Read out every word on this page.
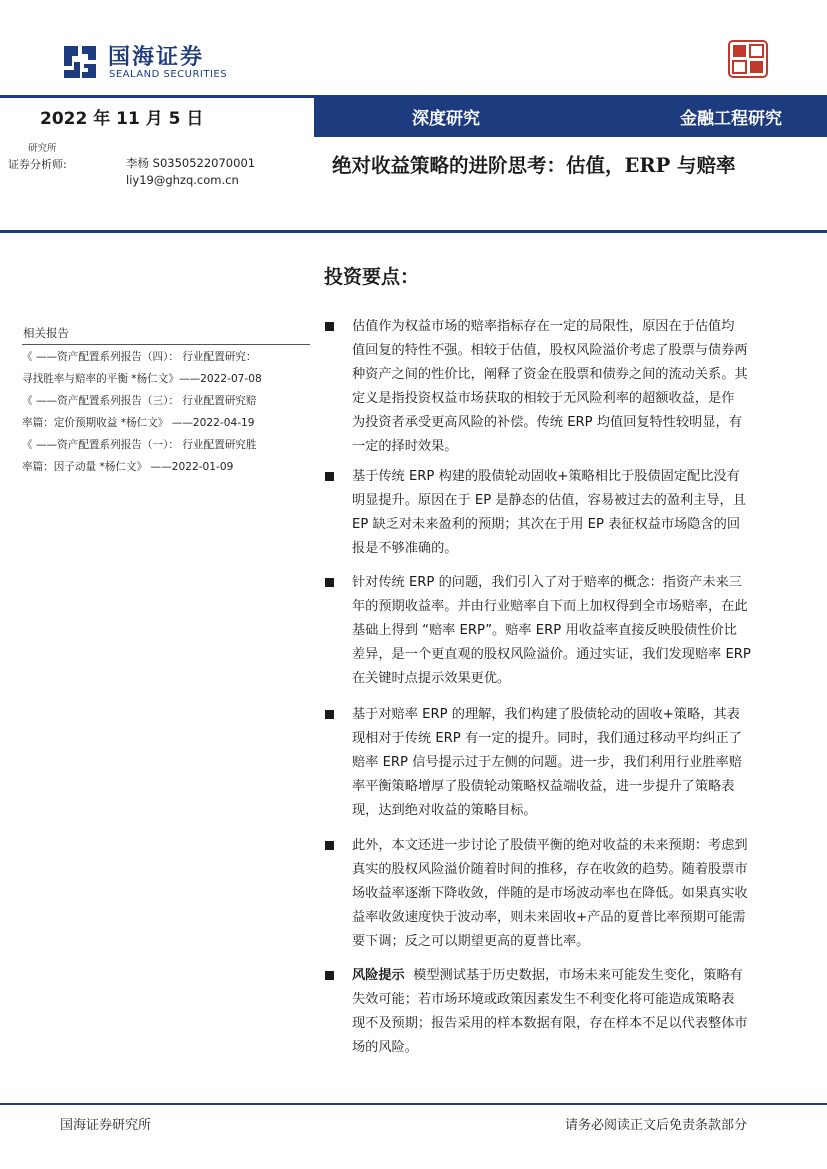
国海证券
SEALAND SECURITIES
2022 年 11 月 5 日	深度研究	金融工程研究
研究所
证券分析师:	李杨 S0350522070001
liy19@ghzq.com.cn
绝对收益策略的进阶思考：估值，ERP 与赔率
投资要点：
相关报告
《 ——资产配置系列报告（四）： 行业配置研究：
寻找胜率与赔率的平衡 *杨仁文》——2022-07-08
《 ——资产配置系列报告（三）： 行业配置研究赔
率篇：定价预期收益 *杨仁文》 ——2022-04-19
《 ——资产配置系列报告（一）： 行业配置研究胜
率篇：因子动量 *杨仁文》 ——2022-01-09
估值作为权益市场的赔率指标存在一定的局限性，原因在于估值均
值回复的特性不强。相较于估值，股权风险溢价考虑了股票与债券两
种资产之间的性价比，阐释了资金在股票和债券之间的流动关系。其
定义是指投资权益市场获取的相较于无风险利率的超额收益，是作
为投资者承受更高风险的补偿。传统 ERP 均值回复特性较明显，有
一定的择时效果。
基于传统 ERP 构建的股债轮动固收+策略相比于股债固定配比没有
明显提升。原因在于 EP 是静态的估值，容易被过去的盈利主导，且
EP 缺乏对未来盈利的预期；其次在于用 EP 表征权益市场隐含的回
报是不够准确的。
针对传统 ERP 的问题，我们引入了对于赔率的概念：指资产未来三
年的预期收益率。并由行业赔率自下而上加权得到全市场赔率，在此
基础上得到 “赔率 ERP”。赔率 ERP 用收益率直接反映股债性价比
差异，是一个更直观的股权风险溢价。通过实证，我们发现赔率 ERP
在关键时点提示效果更优。
基于对赔率 ERP 的理解，我们构建了股债轮动的固收+策略，其表
现相对于传统 ERP 有一定的提升。同时，我们通过移动平均纠正了
赔率 ERP 信号提示过于左侧的问题。进一步，我们利用行业胜率赔
率平衡策略增厚了股债轮动策略权益端收益，进一步提升了策略表
现，达到绝对收益的策略目标。
此外，本文还进一步讨论了股债平衡的绝对收益的未来预期：考虑到
真实的股权风险溢价随着时间的推移，存在收敛的趋势。随着股票市
场收益率逐渐下降收敛，伴随的是市场波动率也在降低。如果真实收
益率收敛速度快于波动率，则未来固收+产品的夏普比率预期可能需
要下调；反之可以期望更高的夏普比率。
风险提示 模型测试基于历史数据，市场未来可能发生变化，策略有
失效可能；若市场环境或政策因素发生不利变化将可能造成策略表
现不及预期；报告采用的样本数据有限，存在样本不足以代表整体市
场的风险。
国海证券研究所	请务必阅读正文后免责条款部分
